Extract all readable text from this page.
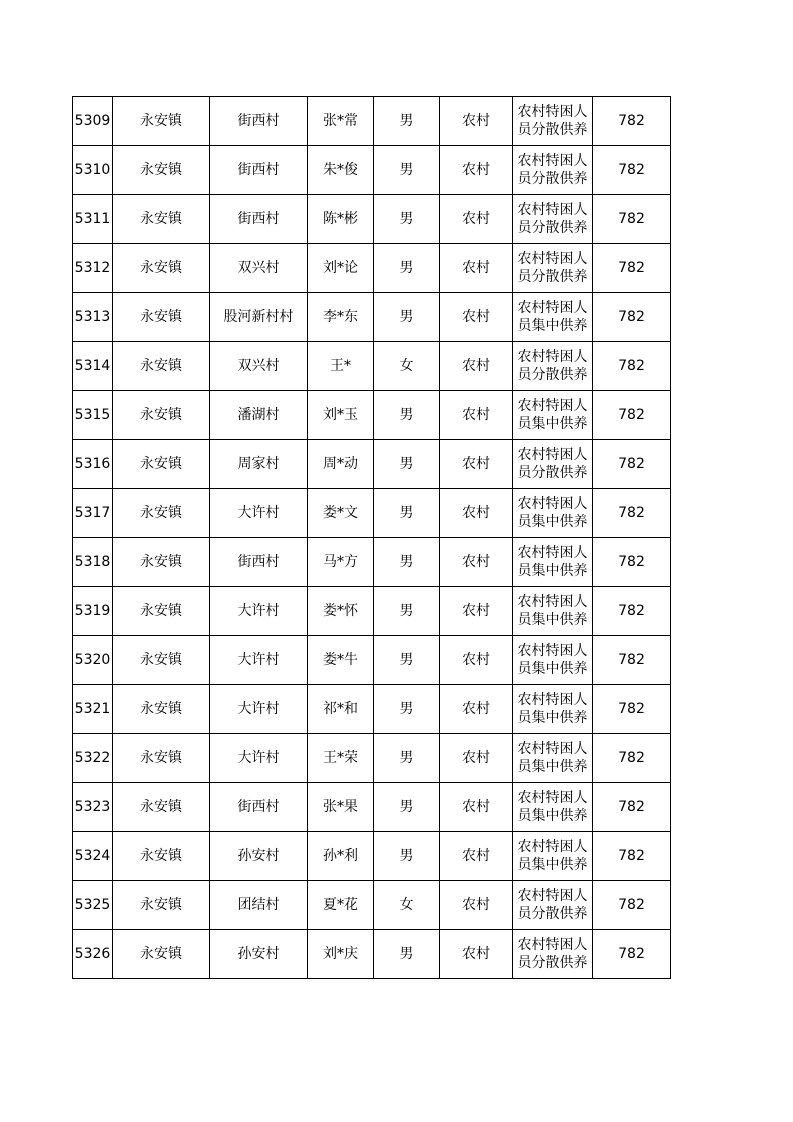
5309	永安镇	街西村	张*常	男	农村	农村特困人员分散供养	782
5310	永安镇	街西村	朱*俊	男	农村	农村特困人员分散供养	782
5311	永安镇	街西村	陈*彬	男	农村	农村特困人员分散供养	782
5312	永安镇	双兴村	刘*论	男	农村	农村特困人员分散供养	782
5313	永安镇	股河新村村	李*东	男	农村	农村特困人员集中供养	782
5314	永安镇	双兴村	王*	女	农村	农村特困人员分散供养	782
5315	永安镇	潘湖村	刘*玉	男	农村	农村特困人员集中供养	782
5316	永安镇	周家村	周*动	男	农村	农村特困人员分散供养	782
5317	永安镇	大许村	娄*文	男	农村	农村特困人员集中供养	782
5318	永安镇	街西村	马*方	男	农村	农村特困人员集中供养	782
5319	永安镇	大许村	娄*怀	男	农村	农村特困人员集中供养	782
5320	永安镇	大许村	娄*牛	男	农村	农村特困人员集中供养	782
5321	永安镇	大许村	祁*和	男	农村	农村特困人员集中供养	782
5322	永安镇	大许村	王*荣	男	农村	农村特困人员集中供养	782
5323	永安镇	街西村	张*果	男	农村	农村特困人员集中供养	782
5324	永安镇	孙安村	孙*利	男	农村	农村特困人员集中供养	782
5325	永安镇	团结村	夏*花	女	农村	农村特困人员分散供养	782
5326	永安镇	孙安村	刘*庆	男	农村	农村特困人员分散供养	782
